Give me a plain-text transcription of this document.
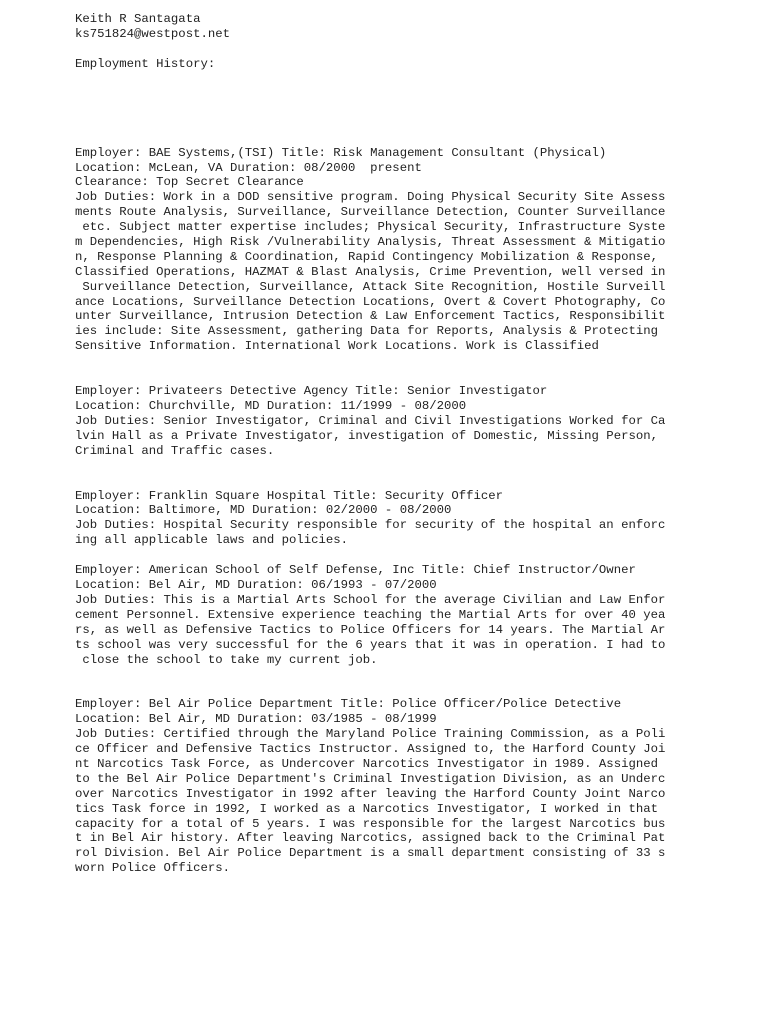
Keith R Santagata
ks751824@westpost.net
Employment History:
Employer: BAE Systems,(TSI) Title: Risk Management Consultant (Physical)
Location: McLean, VA Duration: 08/2000  present
Clearance: Top Secret Clearance
Job Duties: Work in a DOD sensitive program. Doing Physical Security Site Assess
ments Route Analysis, Surveillance, Surveillance Detection, Counter Surveillance
etc. Subject matter expertise includes; Physical Security, Infrastructure Syste
m Dependencies, High Risk /Vulnerability Analysis, Threat Assessment & Mitigatio
n, Response Planning & Coordination, Rapid Contingency Mobilization & Response,
Classified Operations, HAZMAT & Blast Analysis, Crime Prevention, well versed in
Surveillance Detection, Surveillance, Attack Site Recognition, Hostile Surveill
ance Locations, Surveillance Detection Locations, Overt & Covert Photography, Co
unter Surveillance, Intrusion Detection & Law Enforcement Tactics, Responsibilit
ies include: Site Assessment, gathering Data for Reports, Analysis & Protecting
Sensitive Information. International Work Locations. Work is Classified
Employer: Privateers Detective Agency Title: Senior Investigator
Location: Churchville, MD Duration: 11/1999 - 08/2000
Job Duties: Senior Investigator, Criminal and Civil Investigations Worked for Ca
lvin Hall as a Private Investigator, investigation of Domestic, Missing Person,
Criminal and Traffic cases.
Employer: Franklin Square Hospital Title: Security Officer
Location: Baltimore, MD Duration: 02/2000 - 08/2000
Job Duties: Hospital Security responsible for security of the hospital an enforc
ing all applicable laws and policies.
Employer: American School of Self Defense, Inc Title: Chief Instructor/Owner
Location: Bel Air, MD Duration: 06/1993 - 07/2000
Job Duties: This is a Martial Arts School for the average Civilian and Law Enfor
cement Personnel. Extensive experience teaching the Martial Arts for over 40 yea
rs, as well as Defensive Tactics to Police Officers for 14 years. The Martial Ar
ts school was very successful for the 6 years that it was in operation. I had to
close the school to take my current job.
Employer: Bel Air Police Department Title: Police Officer/Police Detective
Location: Bel Air, MD Duration: 03/1985 - 08/1999
Job Duties: Certified through the Maryland Police Training Commission, as a Poli
ce Officer and Defensive Tactics Instructor. Assigned to, the Harford County Joi
nt Narcotics Task Force, as Undercover Narcotics Investigator in 1989. Assigned
to the Bel Air Police Department's Criminal Investigation Division, as an Underc
over Narcotics Investigator in 1992 after leaving the Harford County Joint Narco
tics Task force in 1992, I worked as a Narcotics Investigator, I worked in that
capacity for a total of 5 years. I was responsible for the largest Narcotics bus
t in Bel Air history. After leaving Narcotics, assigned back to the Criminal Pat
rol Division. Bel Air Police Department is a small department consisting of 33 s
worn Police Officers.
